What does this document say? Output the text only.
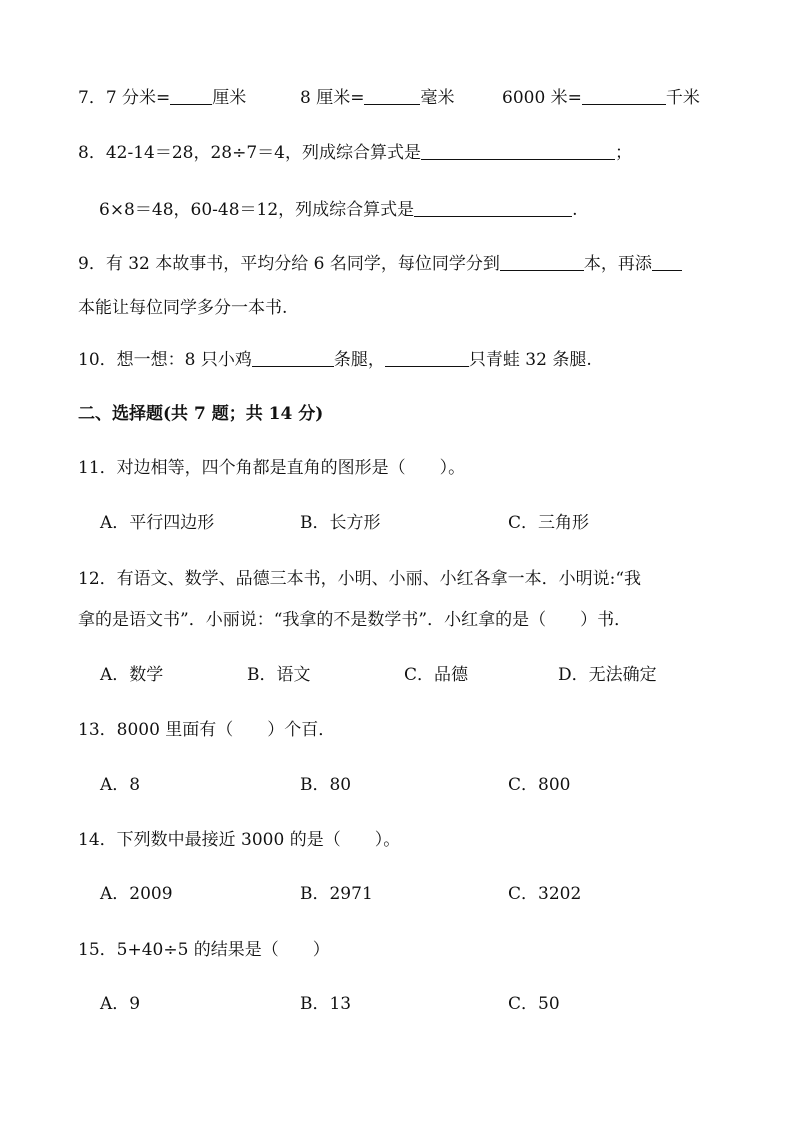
7．7 分米= 厘米	8 厘米=	毫米	6000 米=	千米
8．42-14＝28，28÷7＝4，列成综合算式是	；
6×8＝48，60-48＝12，列成综合算式是	.
9．有 32 本故事书，平均分给 6 名同学，每位同学分到	本，再添
本能让每位同学多分一本书.
10．想一想：8 只小鸡	条腿，	只青蛙 32 条腿.
二、选择题(共 7 题；共 14 分)
11．对边相等，四个角都是直角的图形是（　　）。
A．平行四边形	B．长方形	C．三角形
12．有语文、数学、品德三本书，小明、小丽、小红各拿一本．小明说:“我
拿的是语文书”．小丽说：“我拿的不是数学书”．小红拿的是（　　）书．
A．数学	B．语文	C．品德	D．无法确定
13．8000 里面有（　　）个百．
A．8	B．80	C．800
14．下列数中最接近 3000 的是（　　）。
A．2009	B．2971	C．3202
15．5+40÷5 的结果是（　　）
A．9	B．13	C．50
